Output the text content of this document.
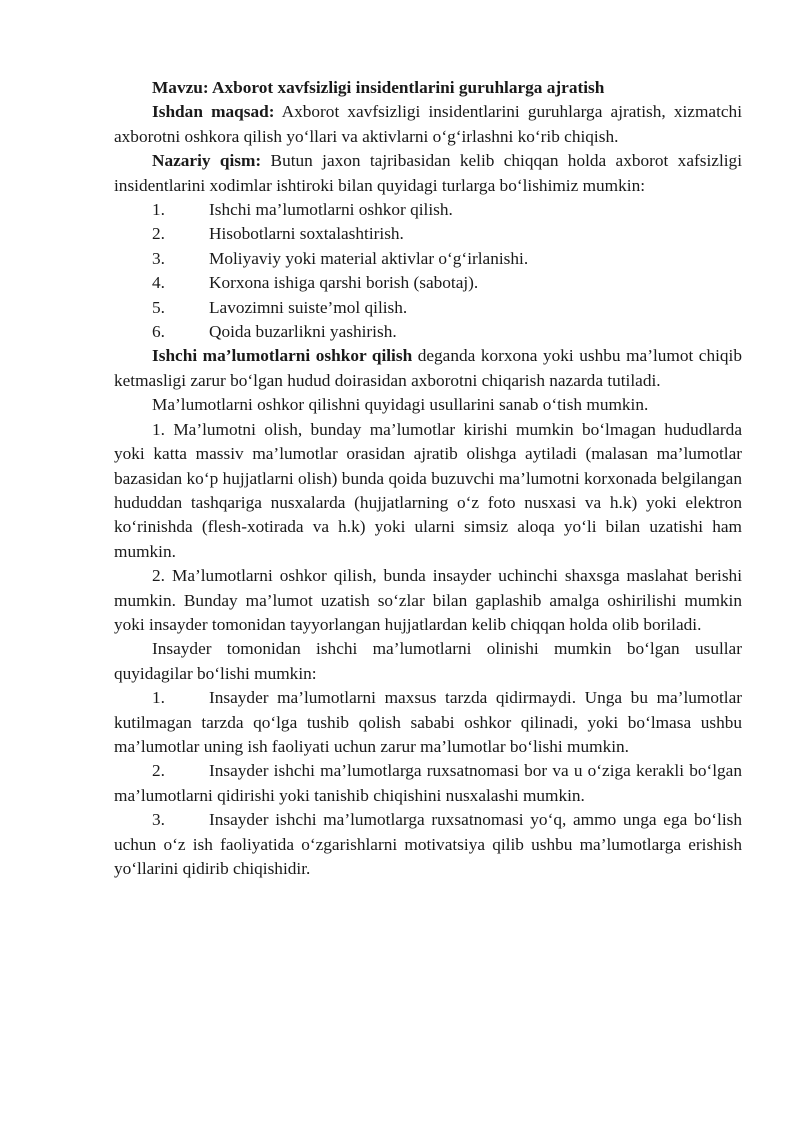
Mavzu: Axborot xavfsizligi insidentlarini guruhlarga ajratish

Ishdan maqsad: Axborot xavfsizligi insidentlarini guruhlarga ajratish, xizmatchi axborotni oshkora qilish yo‘llari va aktivlarni o‘g‘irlashni ko‘rib chiqish.

Nazariy qism: Butun jaxon tajribasidan kelib chiqqan holda axborot xafsizligi insidentlarini xodimlar ishtiroki bilan quyidagi turlarga bo‘lishimiz mumkin:

1.	Ishchi ma’lumotlarni oshkor qilish.
2.	Hisobotlarni soxtalashtirish.
3.	Moliyaviy yoki material aktivlar o‘g‘irlanishi.
4.	Korxona ishiga qarshi borish (sabotaj).
5.	Lavozimni suiste’mol qilish.
6.	Qoida buzarlikni yashirish.

Ishchi ma’lumotlarni oshkor qilish deganda korxona yoki ushbu ma’lumot chiqib ketmasligi zarur bo‘lgan hudud doirasidan axborotni chiqarish nazarda tutiladi.

Ma’lumotlarni oshkor qilishni quyidagi usullarini sanab o‘tish mumkin.

1. Ma’lumotni olish, bunday ma’lumotlar kirishi mumkin bo‘lmagan hududlarda yoki katta massiv ma’lumotlar orasidan ajratib olishga aytiladi (malasan ma’lumotlar bazasidan ko‘p hujjatlarni olish) bunda qoida buzuvchi ma’lumotni korxonada belgilangan hududdan tashqariga nusxalarda (hujjatlarning o‘z foto nusxasi va h.k) yoki elektron ko‘rinishda (flesh-xotirada va h.k) yoki ularni simsiz aloqa yo‘li bilan uzatishi ham mumkin.

2. Ma’lumotlarni oshkor qilish, bunda insayder uchinchi shaxsga maslahat berishi mumkin. Bunday ma’lumot uzatish so‘zlar bilan gaplashib amalga oshirilishi mumkin yoki insayder tomonidan tayyorlangan hujjatlardan kelib chiqqan holda olib boriladi.

Insayder tomonidan ishchi ma’lumotlarni olinishi mumkin bo‘lgan usullar quyidagilar bo‘lishi mumkin:

1.	Insayder ma’lumotlarni maxsus tarzda qidirmaydi. Unga bu ma’lumotlar kutilmagan tarzda qo‘lga tushib qolish sababi oshkor qilinadi, yoki bo‘lmasa ushbu ma’lumotlar uning ish faoliyati uchun zarur ma’lumotlar bo‘lishi mumkin.

2.	Insayder ishchi ma’lumotlarga ruxsatnomasi bor va u o‘ziga kerakli bo‘lgan ma’lumotlarni qidirishi yoki tanishib chiqishini nusxalashi mumkin.

3.	Insayder ishchi ma’lumotlarga ruxsatnomasi yo‘q, ammo unga ega bo‘lish uchun o‘z ish faoliyatida o‘zgarishlarni motivatsiya qilib ushbu ma’lumotlarga erishish yo‘llarini qidirib chiqishidir.
